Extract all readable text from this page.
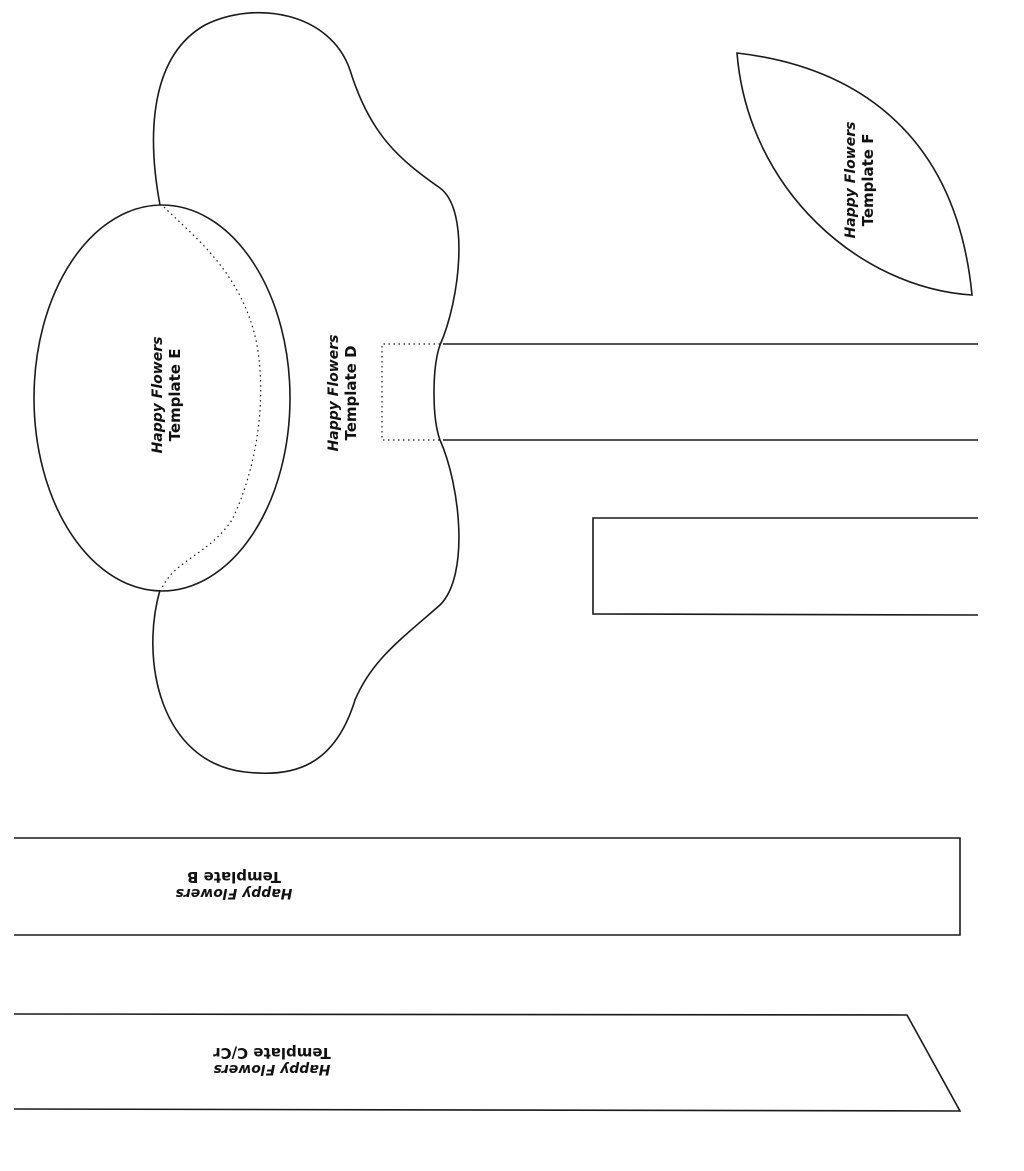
Happy Flowers Template E	Happy Flowers Template D
Happy Flowers Template F
Happy Flowers
Template B
Happy Flowers
Template C/Cr
